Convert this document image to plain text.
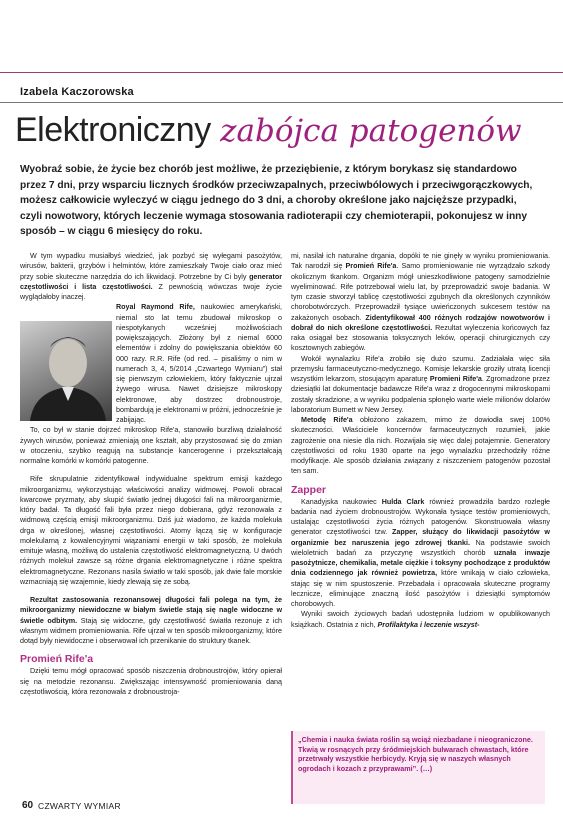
Izabela Kaczorowska
Elektroniczny zabójca patogenów
Wyobraź sobie, że życie bez chorób jest możliwe, że przeziębienie, z którym borykasz się standardowo przez 7 dni, przy wsparciu licznych środków przeciwzapalnych, przeciwbólowych i przeciwgorączkowych, możesz całkowicie wyleczyć w ciągu jednego do 3 dni, a choroby określone jako najcięższe przypadki, czyli nowotwory, których leczenie wymaga stosowania radioterapii czy chemioterapii, pokonujesz w inny sposób – w ciągu 6 miesięcy do roku.

W tym wypadku musiałbyś wiedzieć, jak pozbyć się wyłegami pasożytów, wirusów, bakterii, grzybów i helmintów, które zamieszkały Twoje ciało oraz mieć przy sobie skuteczne narzędzia do ich likwidacji. Potrzebne by Ci byly generator częstotliwości i lista częstotliwości. Z pewnością wówczas twoje życie wyglądałoby inaczej.

Royal Raymond Rife, naukowiec amerykański, niemal sto lat temu zbudował mikroskop o niespotykanych wcześniej możliwościach powiększających. Złożony był z niemal 6000 elementów i zdolny do powiększania obiektów 60 000 razy. R.R. Rife (od red. – pisaliśmy o nim w numerach 3, 4, 5/2014 „Czwartego Wymiaru”) stał się pierwszym człowiekiem, który faktycznie ujrzał żywego wirusa. Nawet dzisiejsze mikroskopy elektronowe, aby dostrzec drobnoustroje, bombardują je elektronami w próżni, jednocześnie je zabijając.

To, co był w stanie dojrzeć mikroskop Rife'a, stanowiło burzliwą działalność żywych wirusów, ponieważ zmieniają one kształt, aby przystosować się do zmian w otoczeniu, szybko reagują na substancje kancerogenne i przekształcają normalne komórki w komórki patogenne.

Rife skrupulatnie zidentyfikował indywidualne spektrum emisji każdego mikroorganizmu, wykorzystując właściwości analizy widmowej. Powoli obracał kwarcowe pryzmaty, aby skupić światło jednej długości fali na mikroorganizmie, który badał. Ta długość fali była przez niego dobierana, gdyż rezonowała z widmową częścią emisji mikroorganizmu. Dziś już wiadomo, że każda molekuła drga w określonej, własnej częstotliwości. Atomy łączą się w konfiguracje molekularną z kowalencyjnymi wiązaniami energii w taki sposób, że molekuła emituje własną, możliwą do ustalenia częstotliwość elektromagnetyczną. U dwóch różnych molekuł zawsze są różne drgania elektromagnetyczne i różne spektra elektromagnetyczne. Rezonans nasila światło w taki sposób, jak dwie fale morskie wzmacniają się wzajemnie, kiedy zlewają się ze sobą.

Rezultat zastosowania rezonansowej długości fali polega na tym, że mikroorganizmy niewidoczne w białym świetle stają się nagle widoczne w świetle odbitym. Stają się widoczne, gdy częstotliwość światła rezonuje z ich własnym widmem promieniowania. Rife ujrzał w ten sposób mikroorganizmy, które dotąd były niewidoczne i obserwował ich przenikanie do struktury tkanek.

Promień Rife'a

Dzięki temu mógł opracować sposób niszczenia drobnoustrojów, który opierał się na metodzie rezonansu. Zwiększając intensywność promieniowania daną częstotliwością, która rezonowała z drobnoustroja-

mi, nasilał ich naturalne drgania, dopóki te nie ginęły w wyniku promieniowania. Tak narodził się Promień Rife'a. Samo promieniowanie nie wyrządzało szkody okolicznym tkankom. Organizm mógł unieszkodliwione patogeny samodzielnie wyeliminować. Rife potrzebował wielu lat, by przeprowadzić swoje badania. W tym czasie stworzył tablicę częstotliwości zgubnych dla określonych czynników chorobotwórczych. Przeprowadził tysiące uwieńczonych sukcesem testów na zakażonych osobach. Zidentyfikował 400 różnych rodzajów nowotworów i dobrał do nich określone częstotliwości. Rezultat wyleczenia końcowych faz raka osiągał bez stosowania toksycznych leków, operacji chirurgicznych czy kosztownych zabiegów.

Wokół wynalazku Rife'a zrobiło się dużo szumu. Zadziałała więc siła przemysłu farmaceutyczno-medycznego. Komisje lekarskie groziły utratą licencji wszystkim lekarzom, stosującym aparaturę Promieni Rife'a. Zgromadzone przez dziesiątki lat dokumentacje badawcze Rife'a wraz z drogocennymi mikroskopami zostały skradzione, a w wyniku podpalenia spłonęło warte wiele milionów dolarów laboratorium Burnett w New Jersey.

Metodę Rife'a obłożono zakazem, mimo że dowiodła swej 100% skuteczności. Właściciele koncernów farmaceutycznych rozumieli, jakie zagrożenie ona niesie dla nich. Rozwijała się więc dalej potajemnie. Generatory częstotliwości od roku 1930 oparte na jego wynalazku przechodziły różne modyfikacje. Ale sposób działania związany z niszczeniem patogenów pozostał ten sam.

Zapper

Kanadyjska naukowiec Hulda Clark również prowadziła bardzo rozległe badania nad życiem drobnoustrojów. Wykonała tysiące testów promieniowych, ustalając częstotliwości życia różnych patogenów. Skonstruowała własny generator częstotliwości tzw. Zapper, służący do likwidacji pasożytów w organizmie bez naruszenia jego zdrowej tkanki. Na podstawie swoich wieloletnich badań za przyczynę wszystkich chorób uznała inwazje pasożytnicze, chemikalia, metale ciężkie i toksyny pochodzące z produktów dnia codziennego jak również powietrza, które wnikają w ciało człowieka, stając się w nim spustoszenie. Przebadała i opracowała skuteczne programy lecznicze, eliminujące znaczną ilość pasożytów i dziesiątki symptomów chorobowych.

Wyniki swoich życiowych badań udostępniła ludziom w opublikowanych książkach. Ostatnia z nich, Profilaktyka i leczenie wszyst-

„Chemia i nauka świata roślin są wciąż niezbadane i nieograniczone. Tkwią w rosnących przy śródmiejskich bulwarach chwastach, które przetrwały wszystkie herbicydy. Kryją się w naszych własnych ogrodach i kozach z przyprawami”. (…)
60 CZWARTY WYMIAR
